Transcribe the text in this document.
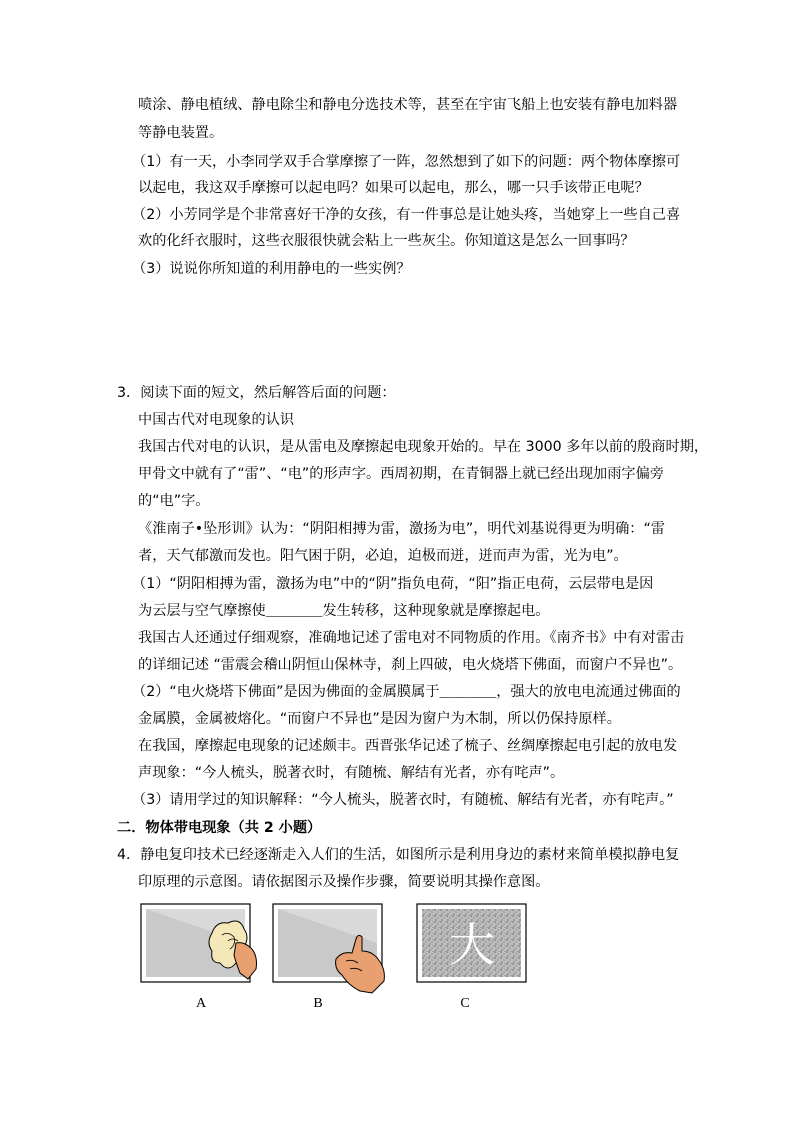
喷涂、静电植绒、静电除尘和静电分选技术等，甚至在宇宙飞船上也安装有静电加料器
等静电装置。
（1）有一天，小李同学双手合掌摩擦了一阵，忽然想到了如下的问题：两个物体摩擦可
以起电，我这双手摩擦可以起电吗？如果可以起电，那么，哪一只手该带正电呢？
（2）小芳同学是个非常喜好干净的女孩，有一件事总是让她头疼，当她穿上一些自己喜
欢的化纤衣服时，这些衣服很快就会粘上一些灰尘。你知道这是怎么一回事吗？
（3）说说你所知道的利用静电的一些实例？
3．阅读下面的短文，然后解答后面的问题：
中国古代对电现象的认识
我国古代对电的认识，是从雷电及摩擦起电现象开始的。早在 3000 多年以前的殷商时期，
甲骨文中就有了“雷”、“电”的形声字。西周初期，在青铜器上就已经出现加雨字偏旁
的“电”字。
《淮南子•坠形训》认为：“阴阳相搏为雷，激扬为电”，明代刘基说得更为明确：“雷
者，天气郁激而发也。阳气困于阴，必迫，迫极而迸，迸而声为雷，光为电”。
（1）“阴阳相搏为雷，激扬为电”中的“阴”指负电荷，“阳”指正电荷，云层带电是因
为云层与空气摩擦使＿＿＿＿发生转移，这种现象就是摩擦起电。
我国古人还通过仔细观察，准确地记述了雷电对不同物质的作用。《南齐书》中有对雷击
的详细记述 “雷震会稽山阴恒山保林寺，刹上四破，电火烧塔下佛面，而窗户不异也”。
（2）“电火烧塔下佛面”是因为佛面的金属膜属于＿＿＿＿，强大的放电电流通过佛面的
金属膜，金属被熔化。“而窗户不异也”是因为窗户为木制，所以仍保持原样。
在我国，摩擦起电现象的记述颇丰。西晋张华记述了梳子、丝绸摩擦起电引起的放电发
声现象：“今人梳头，脱著衣时，有随梳、解结有光者，亦有咤声”。
（3）请用学过的知识解释：“今人梳头，脱著衣时，有随梳、解结有光者，亦有咤声。”
二．物体带电现象（共 2 小题）
4．静电复印技术已经逐渐走入人们的生活，如图所示是利用身边的素材来简单模拟静电复
印原理的示意图。请依据图示及操作步骤，简要说明其操作意图。
大
A	B	C
